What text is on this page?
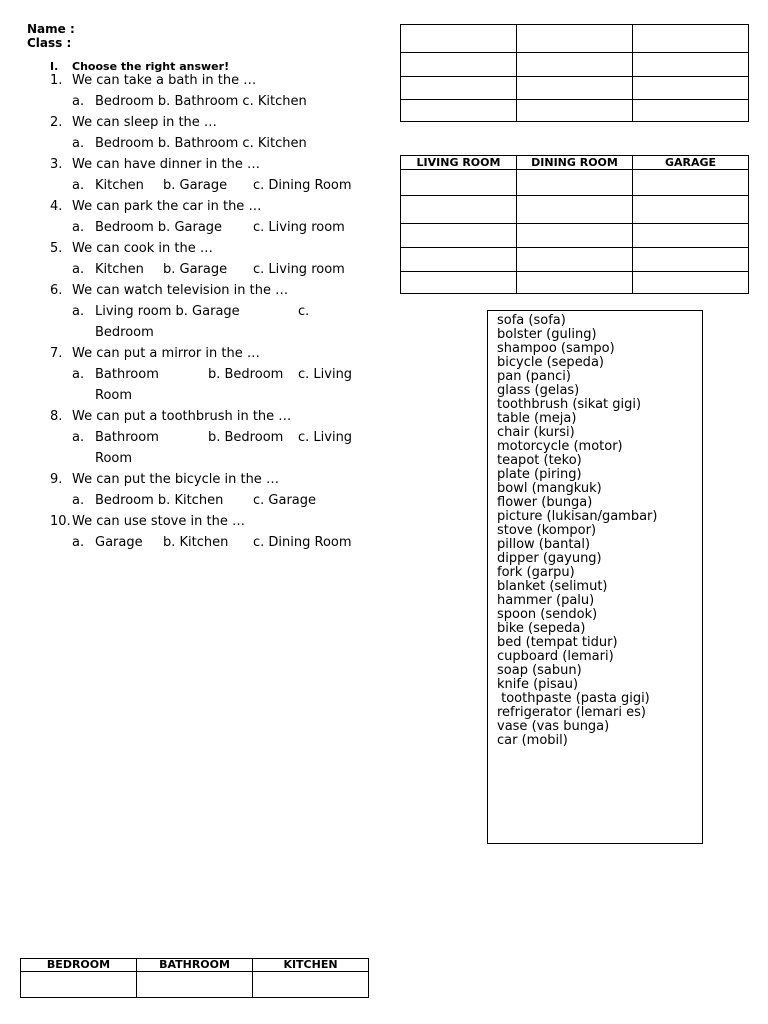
Name :
Class :
I. Choose the right answer!
1. We can take a bath in the …
a. Bedroom b. Bathroom c. Kitchen
2. We can sleep in the …
a. Bedroom b. Bathroom c. Kitchen
3. We can have dinner in the …
a. Kitchen b. Garage c. Dining Room
4. We can park the car in the …
a. Bedroom b. Garage c. Living room
5. We can cook in the …
a. Kitchen b. Garage c. Living room
6. We can watch television in the …
a. Living room b. Garage	c.
Bedroom
7. We can put a mirror in the …
a. Bathroom	b. Bedroom c. Living
Room
8. We can put a toothbrush in the …
a. Bathroom	b. Bedroom c. Living
Room
9. We can put the bicycle in the …
a. Bedroom b. Kitchen c. Garage
10. We can use stove in the …
a. Garage b. Kitchen c. Dining Room

LIVING ROOM	DINING ROOM	GARAGE

sofa (sofa)
bolster (guling)
shampoo (sampo)
bicycle (sepeda)
pan (panci)
glass (gelas)
toothbrush (sikat gigi)
table (meja)
chair (kursi)
motorcycle (motor)
teapot (teko)
plate (piring)
bowl (mangkuk)
flower (bunga)
picture (lukisan/gambar)
stove (kompor)
pillow (bantal)
dipper (gayung)
fork (garpu)
blanket (selimut)
hammer (palu)
spoon (sendok)
bike (sepeda)
bed (tempat tidur)
cupboard (lemari)
soap (sabun)
knife (pisau)
toothpaste (pasta gigi)
refrigerator (lemari es)
vase (vas bunga)
car (mobil)
BEDROOM	BATHROOM	KITCHEN
